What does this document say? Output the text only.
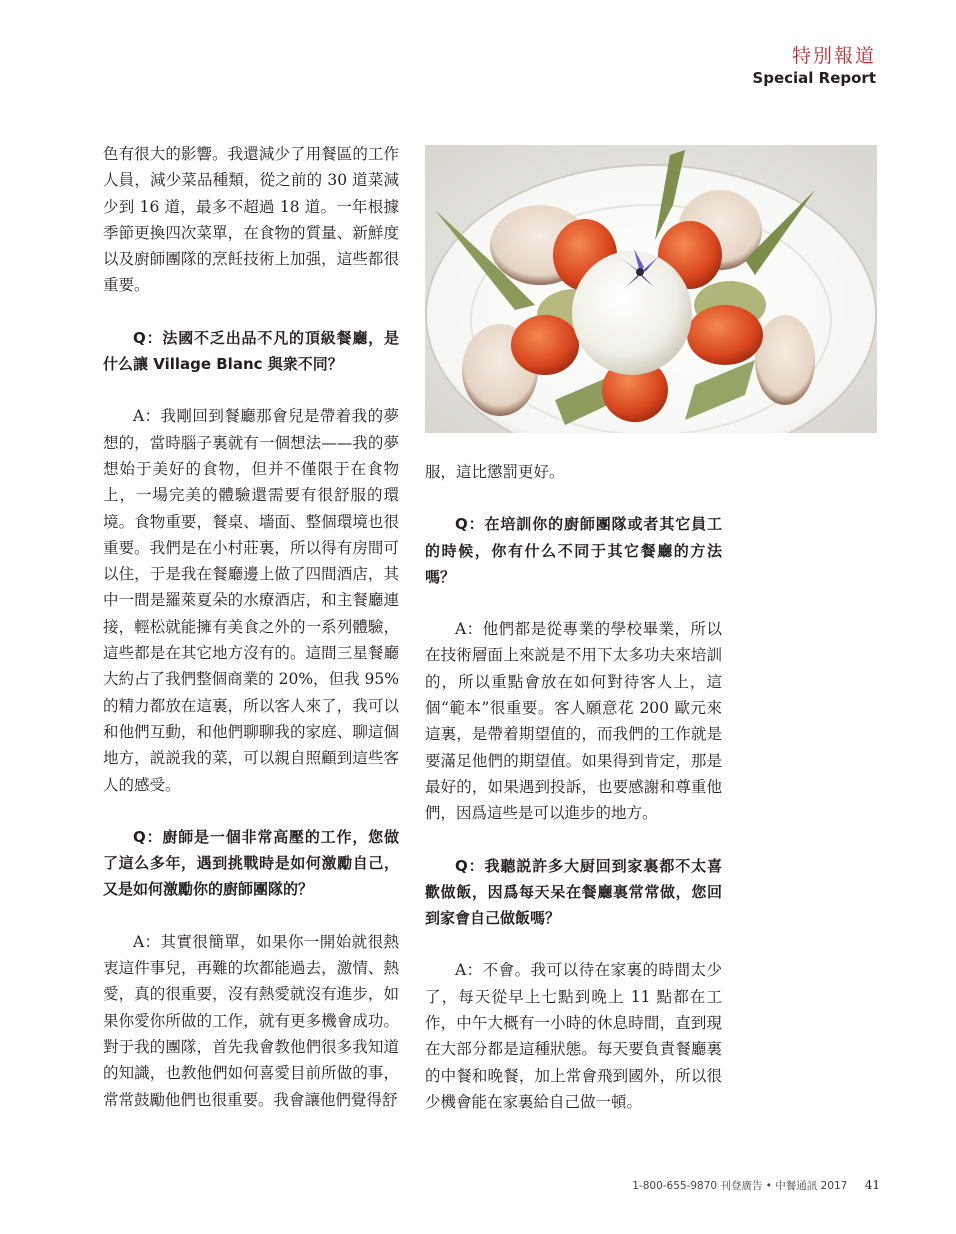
特別報道
Special Report

色有很大的影響。我還減少了用餐區的工作人員，減少菜品種類，從之前的 30 道菜減少到 16 道，最多不超過 18 道。一年根據季節更換四次菜單，在食物的質量、新鮮度以及廚師團隊的烹飪技術上加强，這些都很重要。

Q：法國不乏出品不凡的頂級餐廳，是什么讓 Village Blanc 與衆不同？

A：我剛回到餐廳那會兒是帶着我的夢想的，當時腦子裏就有一個想法——我的夢想始于美好的食物，但并不僅限于在食物上，一場完美的體驗還需要有很舒服的環境。食物重要，餐桌、墻面、整個環境也很重要。我們是在小村莊裏，所以得有房間可以住，于是我在餐廳邊上做了四間酒店，其中一間是羅萊夏朵的水療酒店，和主餐廳連接，輕松就能擁有美食之外的一系列體驗，這些都是在其它地方沒有的。這間三星餐廳大約占了我們整個商業的 20%，但我 95% 的精力都放在這裏，所以客人來了，我可以和他們互動，和他們聊聊我的家庭、聊這個地方，説説我的菜，可以親自照顧到這些客人的感受。

Q：廚師是一個非常高壓的工作，您做了這么多年，遇到挑戰時是如何激勵自己，又是如何激勵你的廚師團隊的？

A：其實很簡單，如果你一開始就很熱衷這件事兒，再難的坎都能過去，激情、熱愛，真的很重要，沒有熱愛就沒有進步，如果你愛你所做的工作，就有更多機會成功。對于我的團隊，首先我會教他們很多我知道的知識，也教他們如何喜愛目前所做的事，常常鼓勵他們也很重要。我會讓他們覺得舒

服，這比懲罰更好。

Q：在培訓你的廚師團隊或者其它員工的時候，你有什么不同于其它餐廳的方法嗎？

A：他們都是從專業的學校畢業，所以在技術層面上來説是不用下太多功夫來培訓的，所以重點會放在如何對待客人上，這個“範本”很重要。客人願意花 200 歐元來這裏，是帶着期望值的，而我們的工作就是要滿足他們的期望值。如果得到肯定，那是最好的，如果遇到投訴，也要感謝和尊重他們，因爲這些是可以進步的地方。

Q：我聽説許多大厨回到家裏都不太喜歡做飯，因爲每天呆在餐廳裏常常做，您回到家會自己做飯嗎？

A：不會。我可以待在家裏的時間太少了，每天從早上七點到晚上 11 點都在工作，中午大概有一小時的休息時間，直到現在大部分都是這種狀態。每天要負責餐廳裏的中餐和晚餐，加上常會飛到國外，所以很少機會能在家裏給自己做一頓。

1-800-655-9870 刊登廣告 • 中餐通訊 2017 41
